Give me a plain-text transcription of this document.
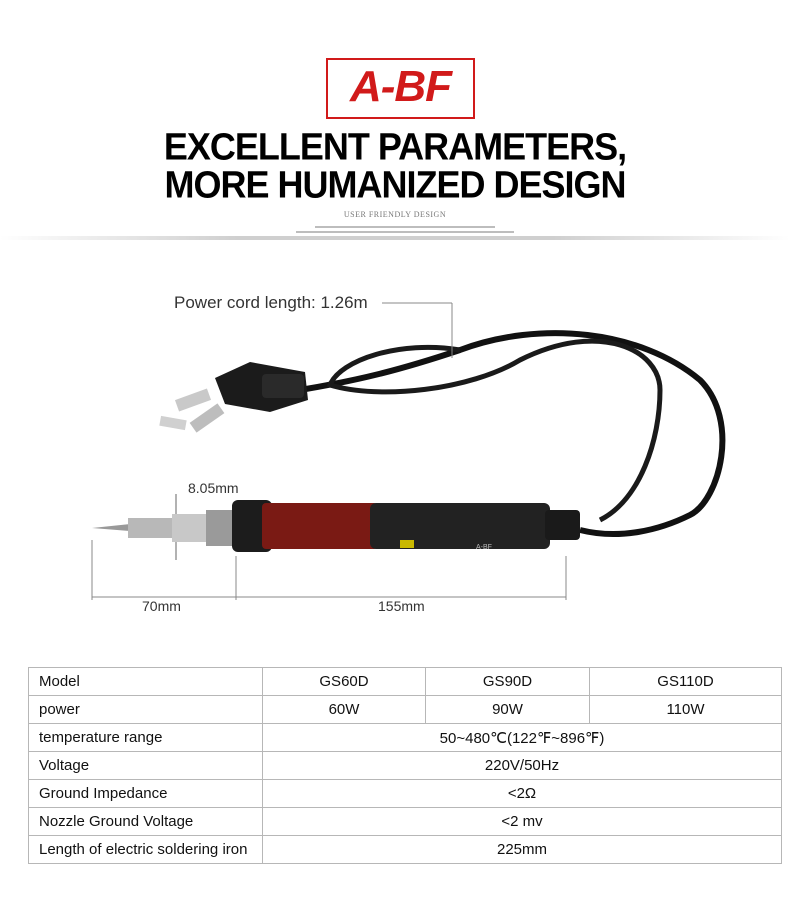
A-BF
EXCELLENT PARAMETERS,
MORE HUMANIZED DESIGN
USER FRIENDLY DESIGN
A-BF
Power cord length: 1.26m
8.05mm
70mm	155mm
Model	GS60D	GS90D	GS110D
power	60W	90W	110W
temperature range	50~480℃(122℉~896℉)		
Voltage	220V/50Hz		
Ground Impedance	<2Ω		
Nozzle Ground Voltage	<2 mv		
Length of electric soldering iron	225mm		
